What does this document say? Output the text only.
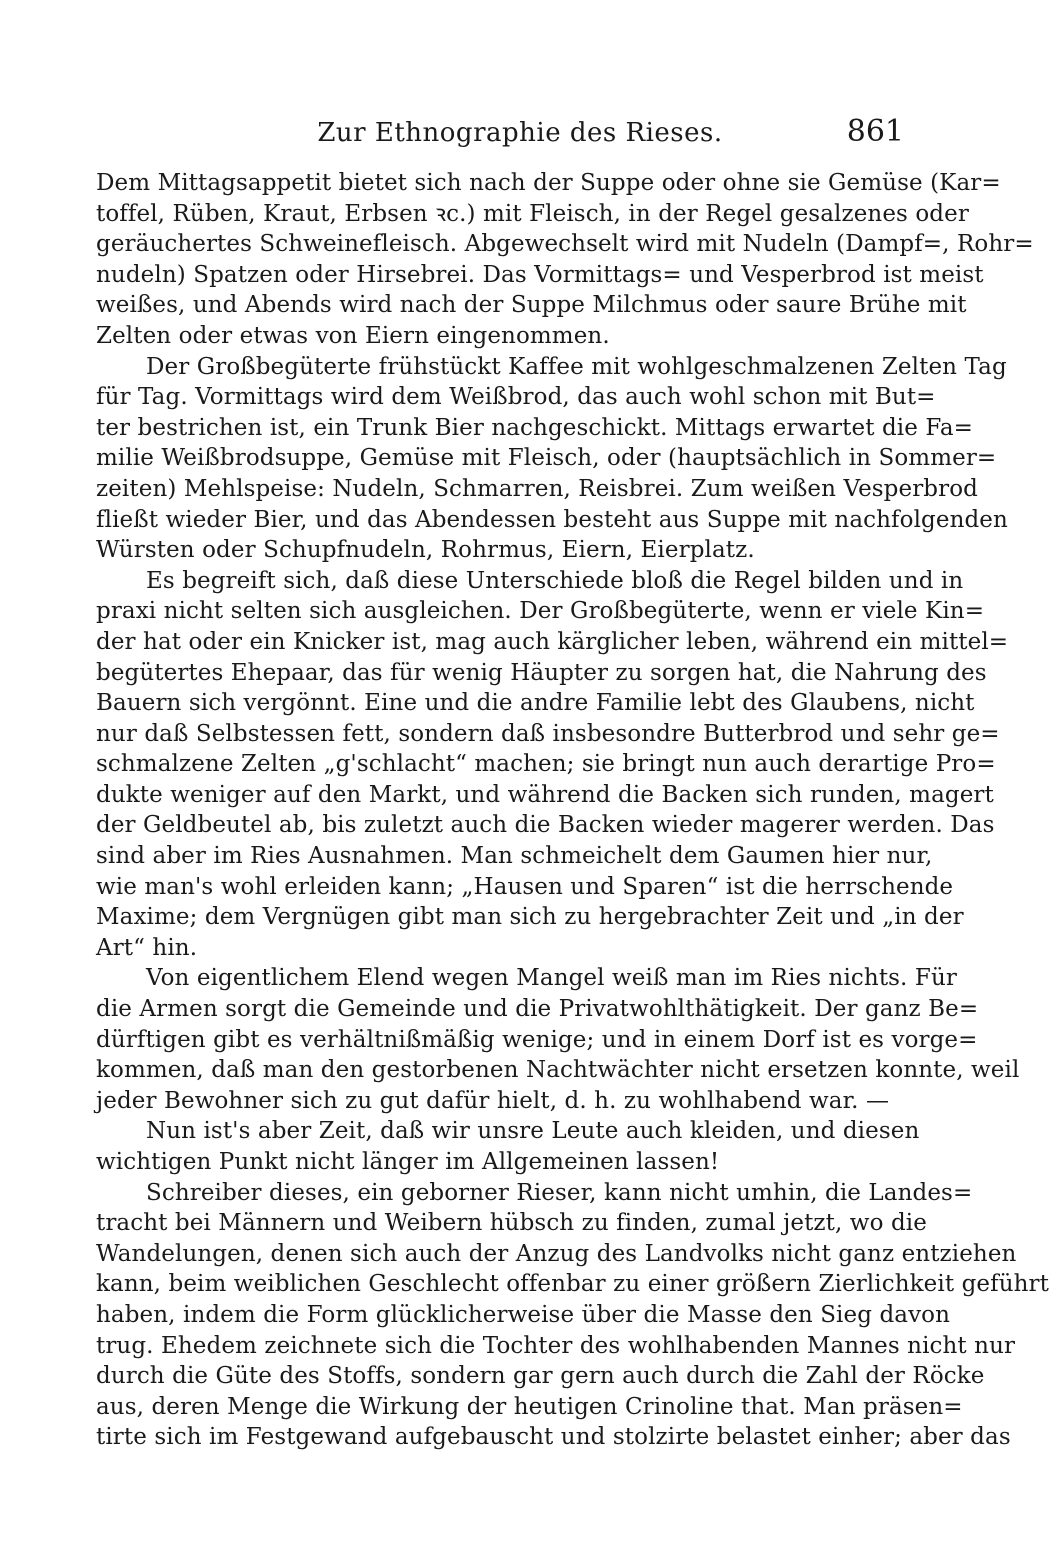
Zur Ethnographie des Rieses.	861
Dem Mittagsappetit bietet sich nach der Suppe oder ohne sie Gemüse (Kar=
toffel, Rüben, Kraut, Erbsen ꝛc.) mit Fleisch, in der Regel gesalzenes oder
geräuchertes Schweinefleisch. Abgewechselt wird mit Nudeln (Dampf=, Rohr=
nudeln) Spatzen oder Hirsebrei. Das Vormittags= und Vesperbrod ist meist
weißes, und Abends wird nach der Suppe Milchmus oder saure Brühe mit
Zelten oder etwas von Eiern eingenommen.
Der Großbegüterte frühstückt Kaffee mit wohlgeschmalzenen Zelten Tag
für Tag. Vormittags wird dem Weißbrod, das auch wohl schon mit But=
ter bestrichen ist, ein Trunk Bier nachgeschickt. Mittags erwartet die Fa=
milie Weißbrodsuppe, Gemüse mit Fleisch, oder (hauptsächlich in Sommer=
zeiten) Mehlspeise: Nudeln, Schmarren, Reisbrei. Zum weißen Vesperbrod
fließt wieder Bier, und das Abendessen besteht aus Suppe mit nachfolgenden
Würsten oder Schupfnudeln, Rohrmus, Eiern, Eierplatz.
Es begreift sich, daß diese Unterschiede bloß die Regel bilden und in
praxi nicht selten sich ausgleichen. Der Großbegüterte, wenn er viele Kin=
der hat oder ein Knicker ist, mag auch kärglicher leben, während ein mittel=
begütertes Ehepaar, das für wenig Häupter zu sorgen hat, die Nahrung des
Bauern sich vergönnt. Eine und die andre Familie lebt des Glaubens, nicht
nur daß Selbstessen fett, sondern daß insbesondre Butterbrod und sehr ge=
schmalzene Zelten „g'schlacht“ machen; sie bringt nun auch derartige Pro=
dukte weniger auf den Markt, und während die Backen sich runden, magert
der Geldbeutel ab, bis zuletzt auch die Backen wieder magerer werden. Das
sind aber im Ries Ausnahmen. Man schmeichelt dem Gaumen hier nur,
wie man's wohl erleiden kann; „Hausen und Sparen“ ist die herrschende
Maxime; dem Vergnügen gibt man sich zu hergebrachter Zeit und „in der
Art“ hin.
Von eigentlichem Elend wegen Mangel weiß man im Ries nichts. Für
die Armen sorgt die Gemeinde und die Privatwohlthätigkeit. Der ganz Be=
dürftigen gibt es verhältnißmäßig wenige; und in einem Dorf ist es vorge=
kommen, daß man den gestorbenen Nachtwächter nicht ersetzen konnte, weil
jeder Bewohner sich zu gut dafür hielt, d. h. zu wohlhabend war. —
Nun ist's aber Zeit, daß wir unsre Leute auch kleiden, und diesen
wichtigen Punkt nicht länger im Allgemeinen lassen!
Schreiber dieses, ein geborner Rieser, kann nicht umhin, die Landes=
tracht bei Männern und Weibern hübsch zu finden, zumal jetzt, wo die
Wandelungen, denen sich auch der Anzug des Landvolks nicht ganz entziehen
kann, beim weiblichen Geschlecht offenbar zu einer größern Zierlichkeit geführt
haben, indem die Form glücklicherweise über die Masse den Sieg davon
trug. Ehedem zeichnete sich die Tochter des wohlhabenden Mannes nicht nur
durch die Güte des Stoffs, sondern gar gern auch durch die Zahl der Röcke
aus, deren Menge die Wirkung der heutigen Crinoline that. Man präsen=
tirte sich im Festgewand aufgebauscht und stolzirte belastet einher; aber das
